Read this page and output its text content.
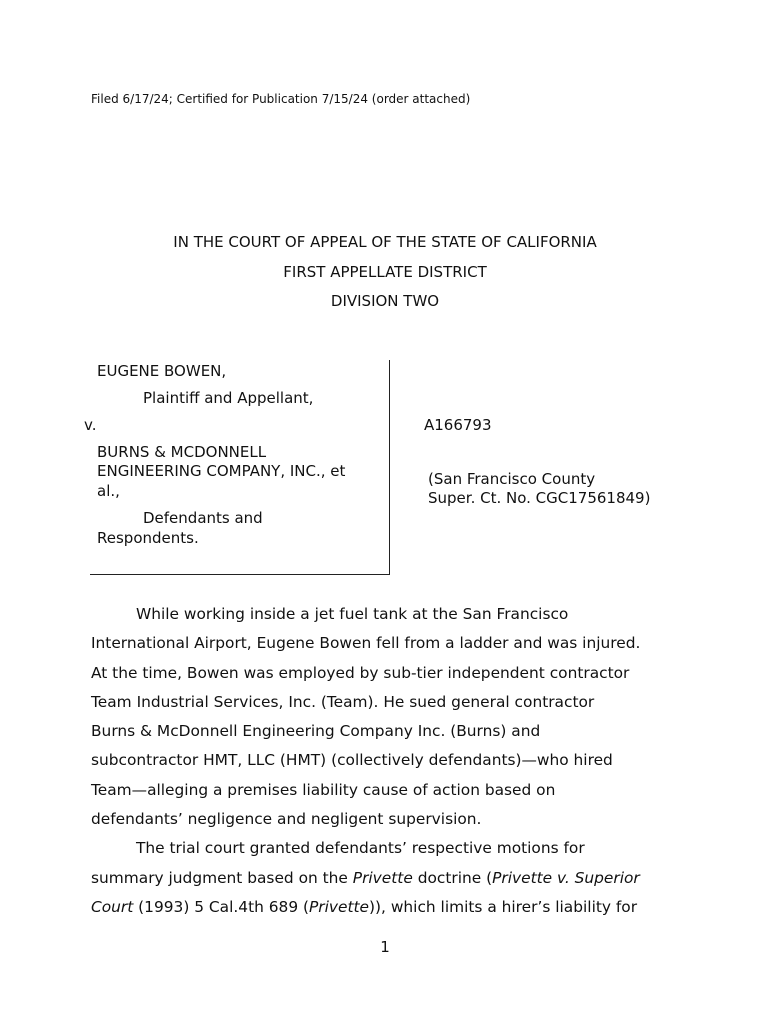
Filed 6/17/24; Certified for Publication 7/15/24 (order attached)
IN THE COURT OF APPEAL OF THE STATE OF CALIFORNIA
FIRST APPELLATE DISTRICT
DIVISION TWO
EUGENE BOWEN,
Plaintiff and Appellant,
v.
BURNS & MCDONNELL
ENGINEERING COMPANY, INC., et
al.,
Defendants and
Respondents.
A166793
(San Francisco County
Super. Ct. No. CGC17561849)

While working inside a jet fuel tank at the San Francisco
International Airport, Eugene Bowen fell from a ladder and was injured.
At the time, Bowen was employed by sub-tier independent contractor
Team Industrial Services, Inc. (Team). He sued general contractor
Burns & McDonnell Engineering Company Inc. (Burns) and
subcontractor HMT, LLC (HMT) (collectively defendants)—who hired
Team—alleging a premises liability cause of action based on
defendants’ negligence and negligent supervision.

The trial court granted defendants’ respective motions for
summary judgment based on the Privette doctrine (Privette v. Superior
Court (1993) 5 Cal.4th 689 (Privette)), which limits a hirer’s liability for

1
